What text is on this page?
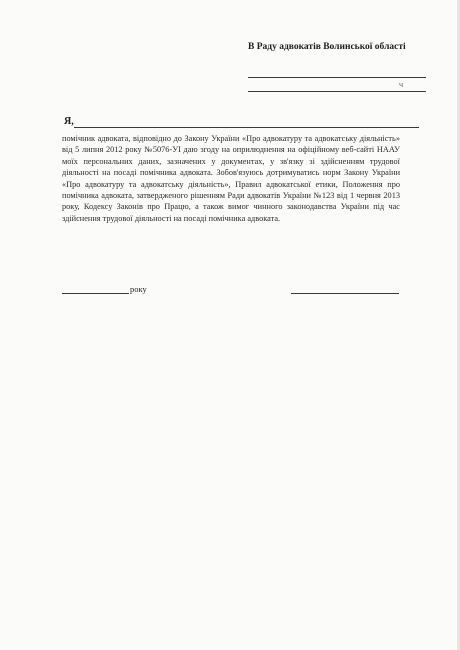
В Раду адвокатів Волинської області
ч
Я,

помічник адвоката, відповідно до Закону України «Про адвокатуру та адвокатську діяльність» від 5 липня 2012 року №5076-УІ даю згоду на оприлюднення на офіційному веб-сайті НААУ моїх персональних даних, зазначених у документах, у зв'язку зі здійсненням трудової діяльності на посаді помічника адвоката. Зобов'язуюсь дотримуватись норм Закону України «Про адвокатуру та адвокатську діяльність», Правил адвокатської етики, Положення про помічника адвоката, затвердженого рішенням Ради адвокатів України №123 від 1 червня 2013 року, Кодексу Законів про Працю, а також вимог чинного законодавства України під час здійснення трудової діяльності на посаді помічника адвоката.

року
